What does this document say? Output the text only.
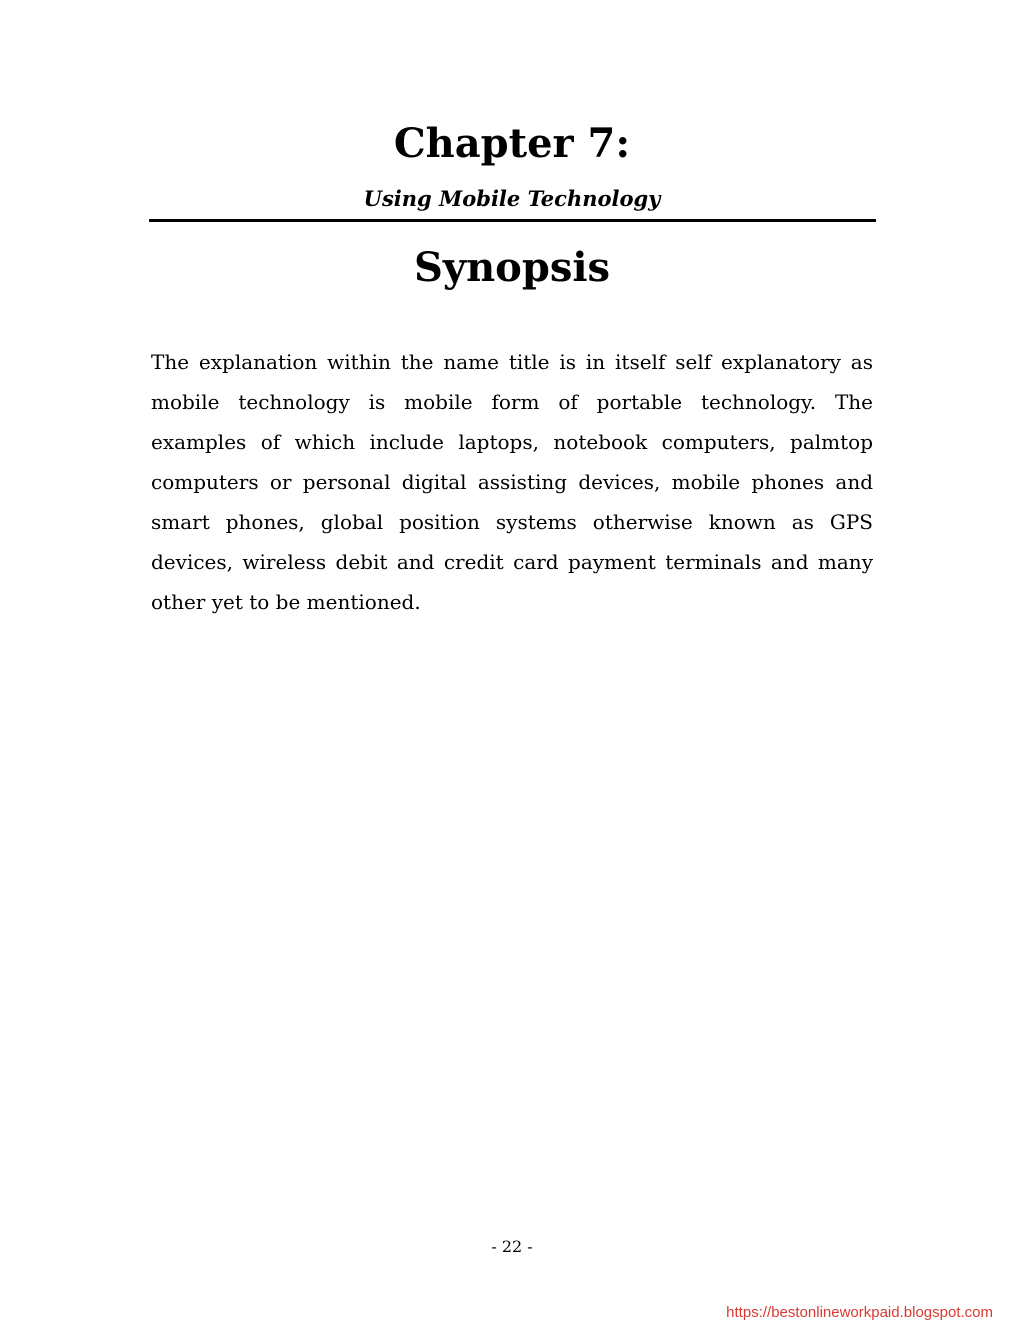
Chapter 7:
Using Mobile Technology
Synopsis

The explanation within the name title is in itself self explanatory as mobile technology is mobile form of portable technology. The examples of which include laptops, notebook computers, palmtop computers or personal digital assisting devices, mobile phones and smart phones, global position systems otherwise known as GPS devices, wireless debit and credit card payment terminals and many other yet to be mentioned.

- 22 -
https://bestonlineworkpaid.blogspot.com
